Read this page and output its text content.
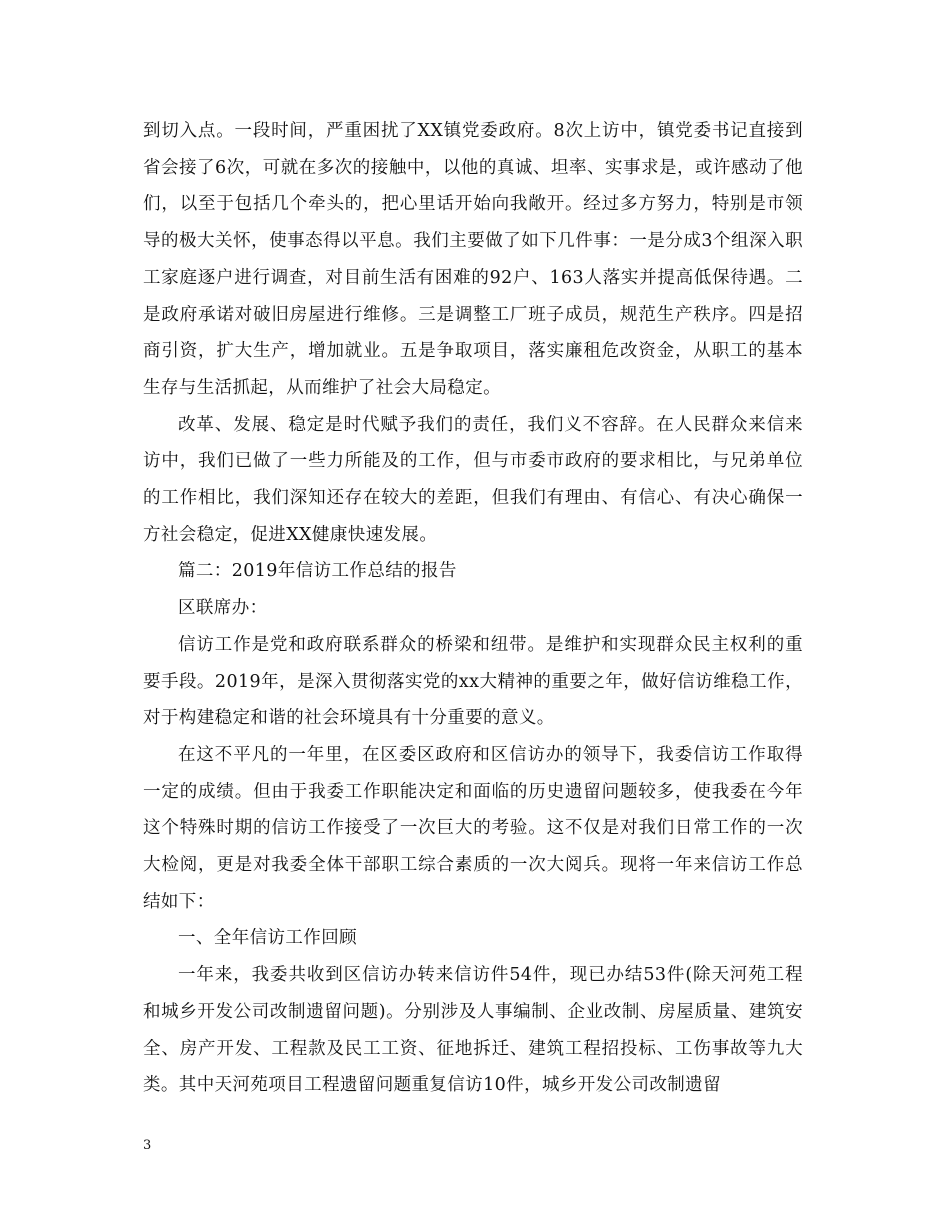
到切入点。一段时间，严重困扰了XX镇党委政府。8次上访中，镇党委书记直接到省会接了6次，可就在多次的接触中，以他的真诚、坦率、实事求是，或许感动了他们，以至于包括几个牵头的，把心里话开始向我敞开。经过多方努力，特别是市领导的极大关怀，使事态得以平息。我们主要做了如下几件事：一是分成3个组深入职工家庭逐户进行调查，对目前生活有困难的92户、163人落实并提高低保待遇。二是政府承诺对破旧房屋进行维修。三是调整工厂班子成员，规范生产秩序。四是招商引资，扩大生产，增加就业。五是争取项目，落实廉租危改资金，从职工的基本生存与生活抓起，从而维护了社会大局稳定。

改革、发展、稳定是时代赋予我们的责任，我们义不容辞。在人民群众来信来访中，我们已做了一些力所能及的工作，但与市委市政府的要求相比，与兄弟单位的工作相比，我们深知还存在较大的差距，但我们有理由、有信心、有决心确保一方社会稳定，促进XX健康快速发展。

篇二：2019年信访工作总结的报告

区联席办：

信访工作是党和政府联系群众的桥梁和纽带。是维护和实现群众民主权利的重要手段。2019年，是深入贯彻落实党的xx大精神的重要之年，做好信访维稳工作，对于构建稳定和谐的社会环境具有十分重要的意义。

在这不平凡的一年里，在区委区政府和区信访办的领导下，我委信访工作取得一定的成绩。但由于我委工作职能决定和面临的历史遗留问题较多，使我委在今年这个特殊时期的信访工作接受了一次巨大的考验。这不仅是对我们日常工作的一次大检阅，更是对我委全体干部职工综合素质的一次大阅兵。现将一年来信访工作总结如下：

一、全年信访工作回顾

一年来，我委共收到区信访办转来信访件54件，现已办结53件(除天河苑工程和城乡开发公司改制遗留问题)。分别涉及人事编制、企业改制、房屋质量、建筑安全、房产开发、工程款及民工工资、征地拆迁、建筑工程招投标、工伤事故等九大类。其中天河苑项目工程遗留问题重复信访10件，城乡开发公司改制遗留

3
